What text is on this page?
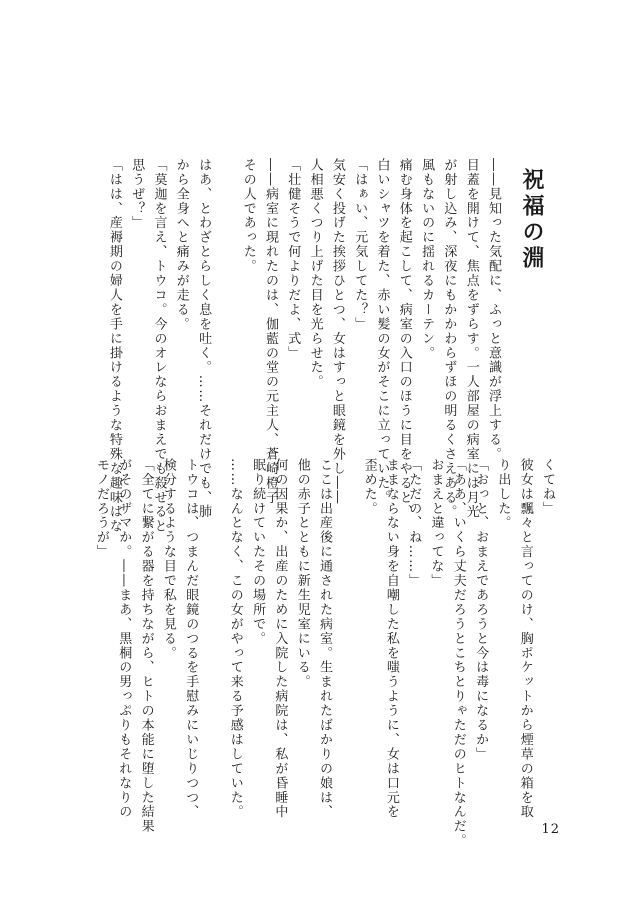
祝福の淵
――見知った気配に、ふっと意識が浮上する。
目蓋を開けて、焦点をずらす。一人部屋の病室には月光
が射し込み、深夜にもかかわらずほの明るくさえある。
風もないのに揺れるカーテン。
痛む身体を起こして、病室の入口のほうに目をやると、
白いシャツを着た、赤い髪の女がそこに立っていた。
「はぁい、元気してた？」
気安く投げた挨拶ひとつ、女はすっと眼鏡を外し――
人相悪くつり上げた目を光らせた。
「壮健そうで何よりだよ、式」
――病室に現れたのは、伽藍の堂の元主人、蒼崎橙子
その人であった。
はあ、とわざとらしく息を吐く。……それだけでも、肺
から全身へと痛みが走る。
「莫迦を言え、トウコ。今のオレならおまえでも殺せると
思うぜ？」
「はは、産褥期の婦人を手に掛けるような特殊な趣味はな	くてね」
彼女は飄々と言ってのけ、胸ポケットから煙草の箱を取
り出した。
「おっと、おまえであろうと今は毒になるか」
「ああ、いくら丈夫だろうとこちとりゃただのヒトなんだ。
おまえと違ってな」
「ただの、ね……」
ままならない身を自嘲した私を嗤うように、女は口元を
歪めた。
ここは出産後に通された病室。生まれたばかりの娘は、
他の赤子とともに新生児室にいる。
何の因果か、出産のために入院した病院は、私が昏睡中
眠り続けていたその場所で。
……なんとなく、この女がやって来る予感はしていた。
トウコは、つまんだ眼鏡のつるを手慰みにいじりつつ、
検分するような目で私を見る。
「全てに繋がる器を持ちながら、ヒトの本能に堕した結果
がそのザマか。――まあ、黒桐の男っぷりもそれなりの
モノだろうが」
12
